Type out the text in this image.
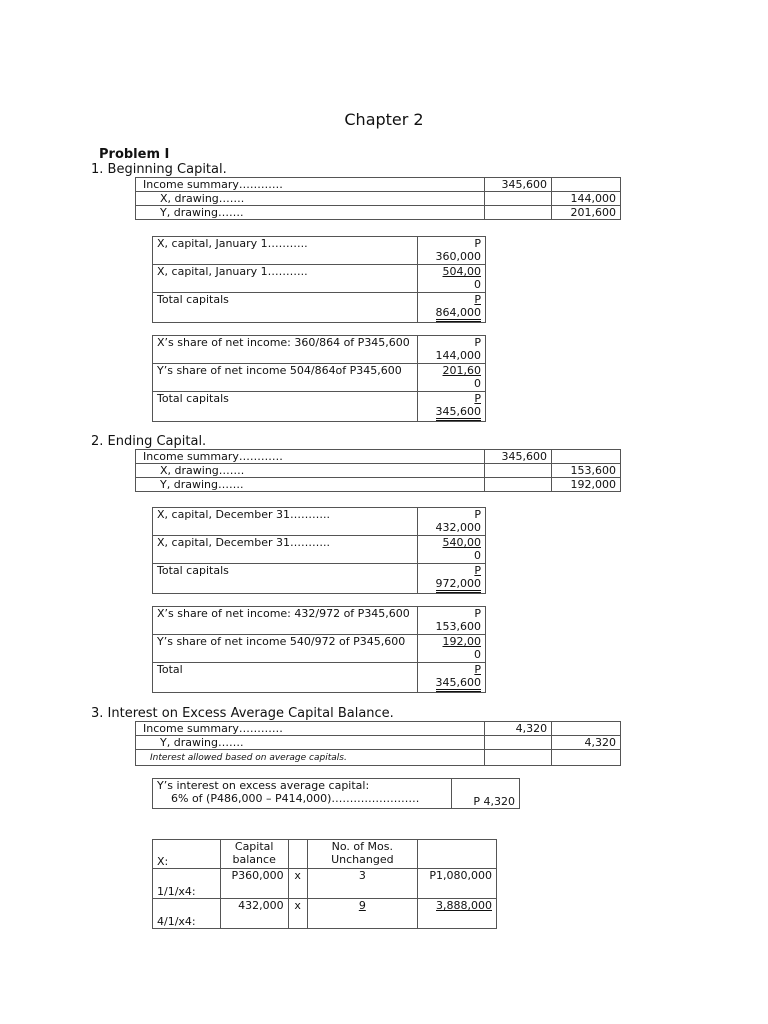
Chapter 2
Problem I
1. Beginning Capital.
Income summary…………	345,600	
X, drawing…….		144,000
Y, drawing…….		201,600
X, capital, January 1………..	P
360,000
X, capital, January 1………..	504,00
0
Total capitals	P
864,000
X’s share of net income: 360/864 of P345,600	P
144,000
Y’s share of net income 504/864of P345,600	201,60
0
Total capitals	P
345,600
2. Ending Capital.
Income summary…………	345,600	
X, drawing…….		153,600
Y, drawing…….		192,000
X, capital, December 31………..	P
432,000
X, capital, December 31………..	540,00
0
Total capitals	P
972,000
X’s share of net income: 432/972 of P345,600	P
153,600
Y’s share of net income 540/972 of P345,600	192,00
0
Total	P
345,600
3. Interest on Excess Average Capital Balance.
Income summary…………	4,320	
Y, drawing…….		4,320
Interest allowed based on average capitals.		
Y’s interest on excess average capital:
6% of (P486,000 – P414,000)……………………	P 4,320
X:	Capital balance		No. of Mos. Unchanged	
1/1/x4:	P360,000	x	3	P1,080,000
4/1/x4:	432,000	x	9	3,888,000
